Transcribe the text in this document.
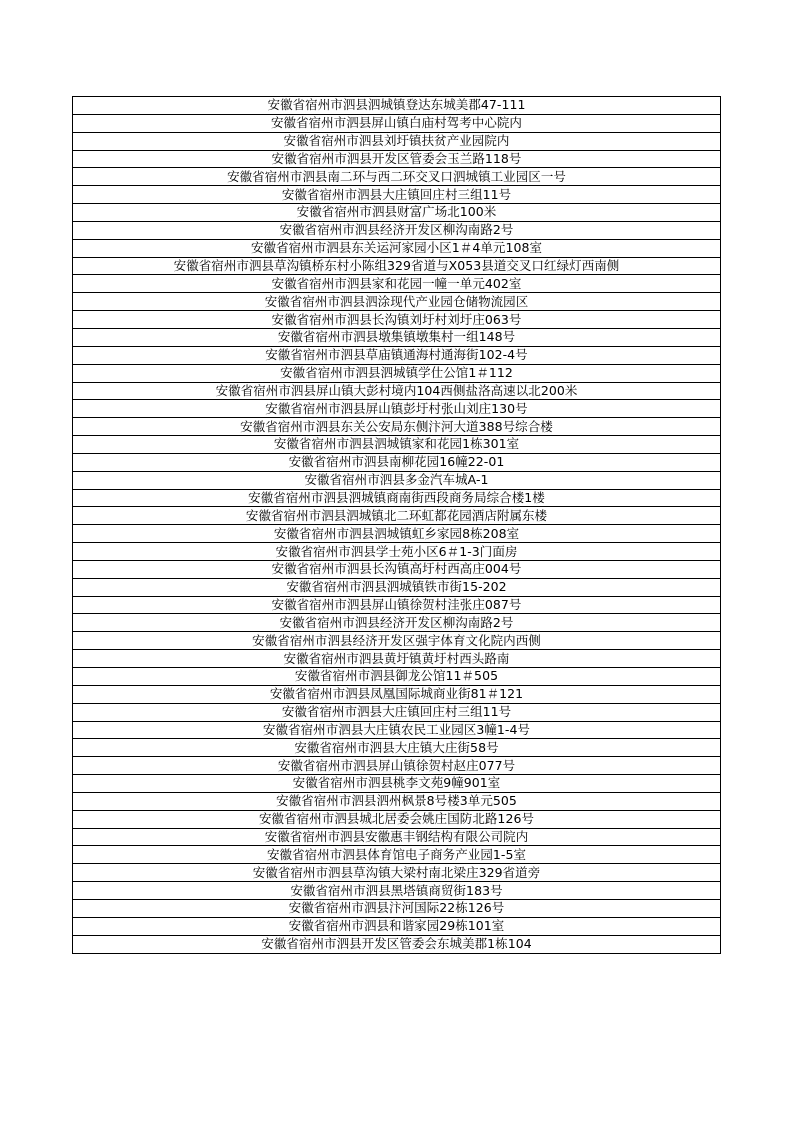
安徽省宿州市泗县泗城镇登达东城美郡47-111
安徽省宿州市泗县屏山镇白庙村驾考中心院内
安徽省宿州市泗县刘圩镇扶贫产业园院内
安徽省宿州市泗县开发区管委会玉兰路118号
安徽省宿州市泗县南二环与西二环交叉口泗城镇工业园区一号
安徽省宿州市泗县大庄镇回庄村三组11号
安徽省宿州市泗县财富广场北100米
安徽省宿州市泗县经济开发区柳沟南路2号
安徽省宿州市泗县东关运河家园小区1＃4单元108室
安徽省宿州市泗县草沟镇桥东村小陈组329省道与X053县道交叉口红绿灯西南侧
安徽省宿州市泗县家和花园一幢一单元402室
安徽省宿州市泗县泗涂现代产业园仓储物流园区
安徽省宿州市泗县长沟镇刘圩村刘圩庄063号
安徽省宿州市泗县墩集镇墩集村一组148号
安徽省宿州市泗县草庙镇通海村通海街102-4号
安徽省宿州市泗县泗城镇学仕公馆1＃112
安徽省宿州市泗县屏山镇大彭村境内104西侧盐洛高速以北200米
安徽省宿州市泗县屏山镇彭圩村张山刘庄130号
安徽省宿州市泗县东关公安局东侧汴河大道388号综合楼
安徽省宿州市泗县泗城镇家和花园1栋301室
安徽省宿州市泗县南柳花园16幢22-01
安徽省宿州市泗县多金汽车城A-1
安徽省宿州市泗县泗城镇商南街西段商务局综合楼1楼
安徽省宿州市泗县泗城镇北二环虹都花园酒店附属东楼
安徽省宿州市泗县泗城镇虹乡家园8栋208室
安徽省宿州市泗县学士苑小区6＃1-3门面房
安徽省宿州市泗县长沟镇高圩村西高庄004号
安徽省宿州市泗县泗城镇铁市街15-202
安徽省宿州市泗县屏山镇徐贺村洼张庄087号
安徽省宿州市泗县经济开发区柳沟南路2号
安徽省宿州市泗县经济开发区强宇体育文化院内西侧
安徽省宿州市泗县黄圩镇黄圩村西头路南
安徽省宿州市泗县御龙公馆11＃505
安徽省宿州市泗县凤凰国际城商业街81＃121
安徽省宿州市泗县大庄镇回庄村三组11号
安徽省宿州市泗县大庄镇农民工业园区3幢1-4号
安徽省宿州市泗县大庄镇大庄街58号
安徽省宿州市泗县屏山镇徐贺村赵庄077号
安徽省宿州市泗县桃李文苑9幢901室
安徽省宿州市泗县泗州枫景8号楼3单元505
安徽省宿州市泗县城北居委会姚庄国防北路126号
安徽省宿州市泗县安徽惠丰钢结构有限公司院内
安徽省宿州市泗县体育馆电子商务产业园1-5室
安徽省宿州市泗县草沟镇大梁村南北梁庄329省道旁
安徽省宿州市泗县黑塔镇商贸街183号
安徽省宿州市泗县汴河国际22栋126号
安徽省宿州市泗县和谐家园29栋101室
安徽省宿州市泗县开发区管委会东城美郡1栋104
